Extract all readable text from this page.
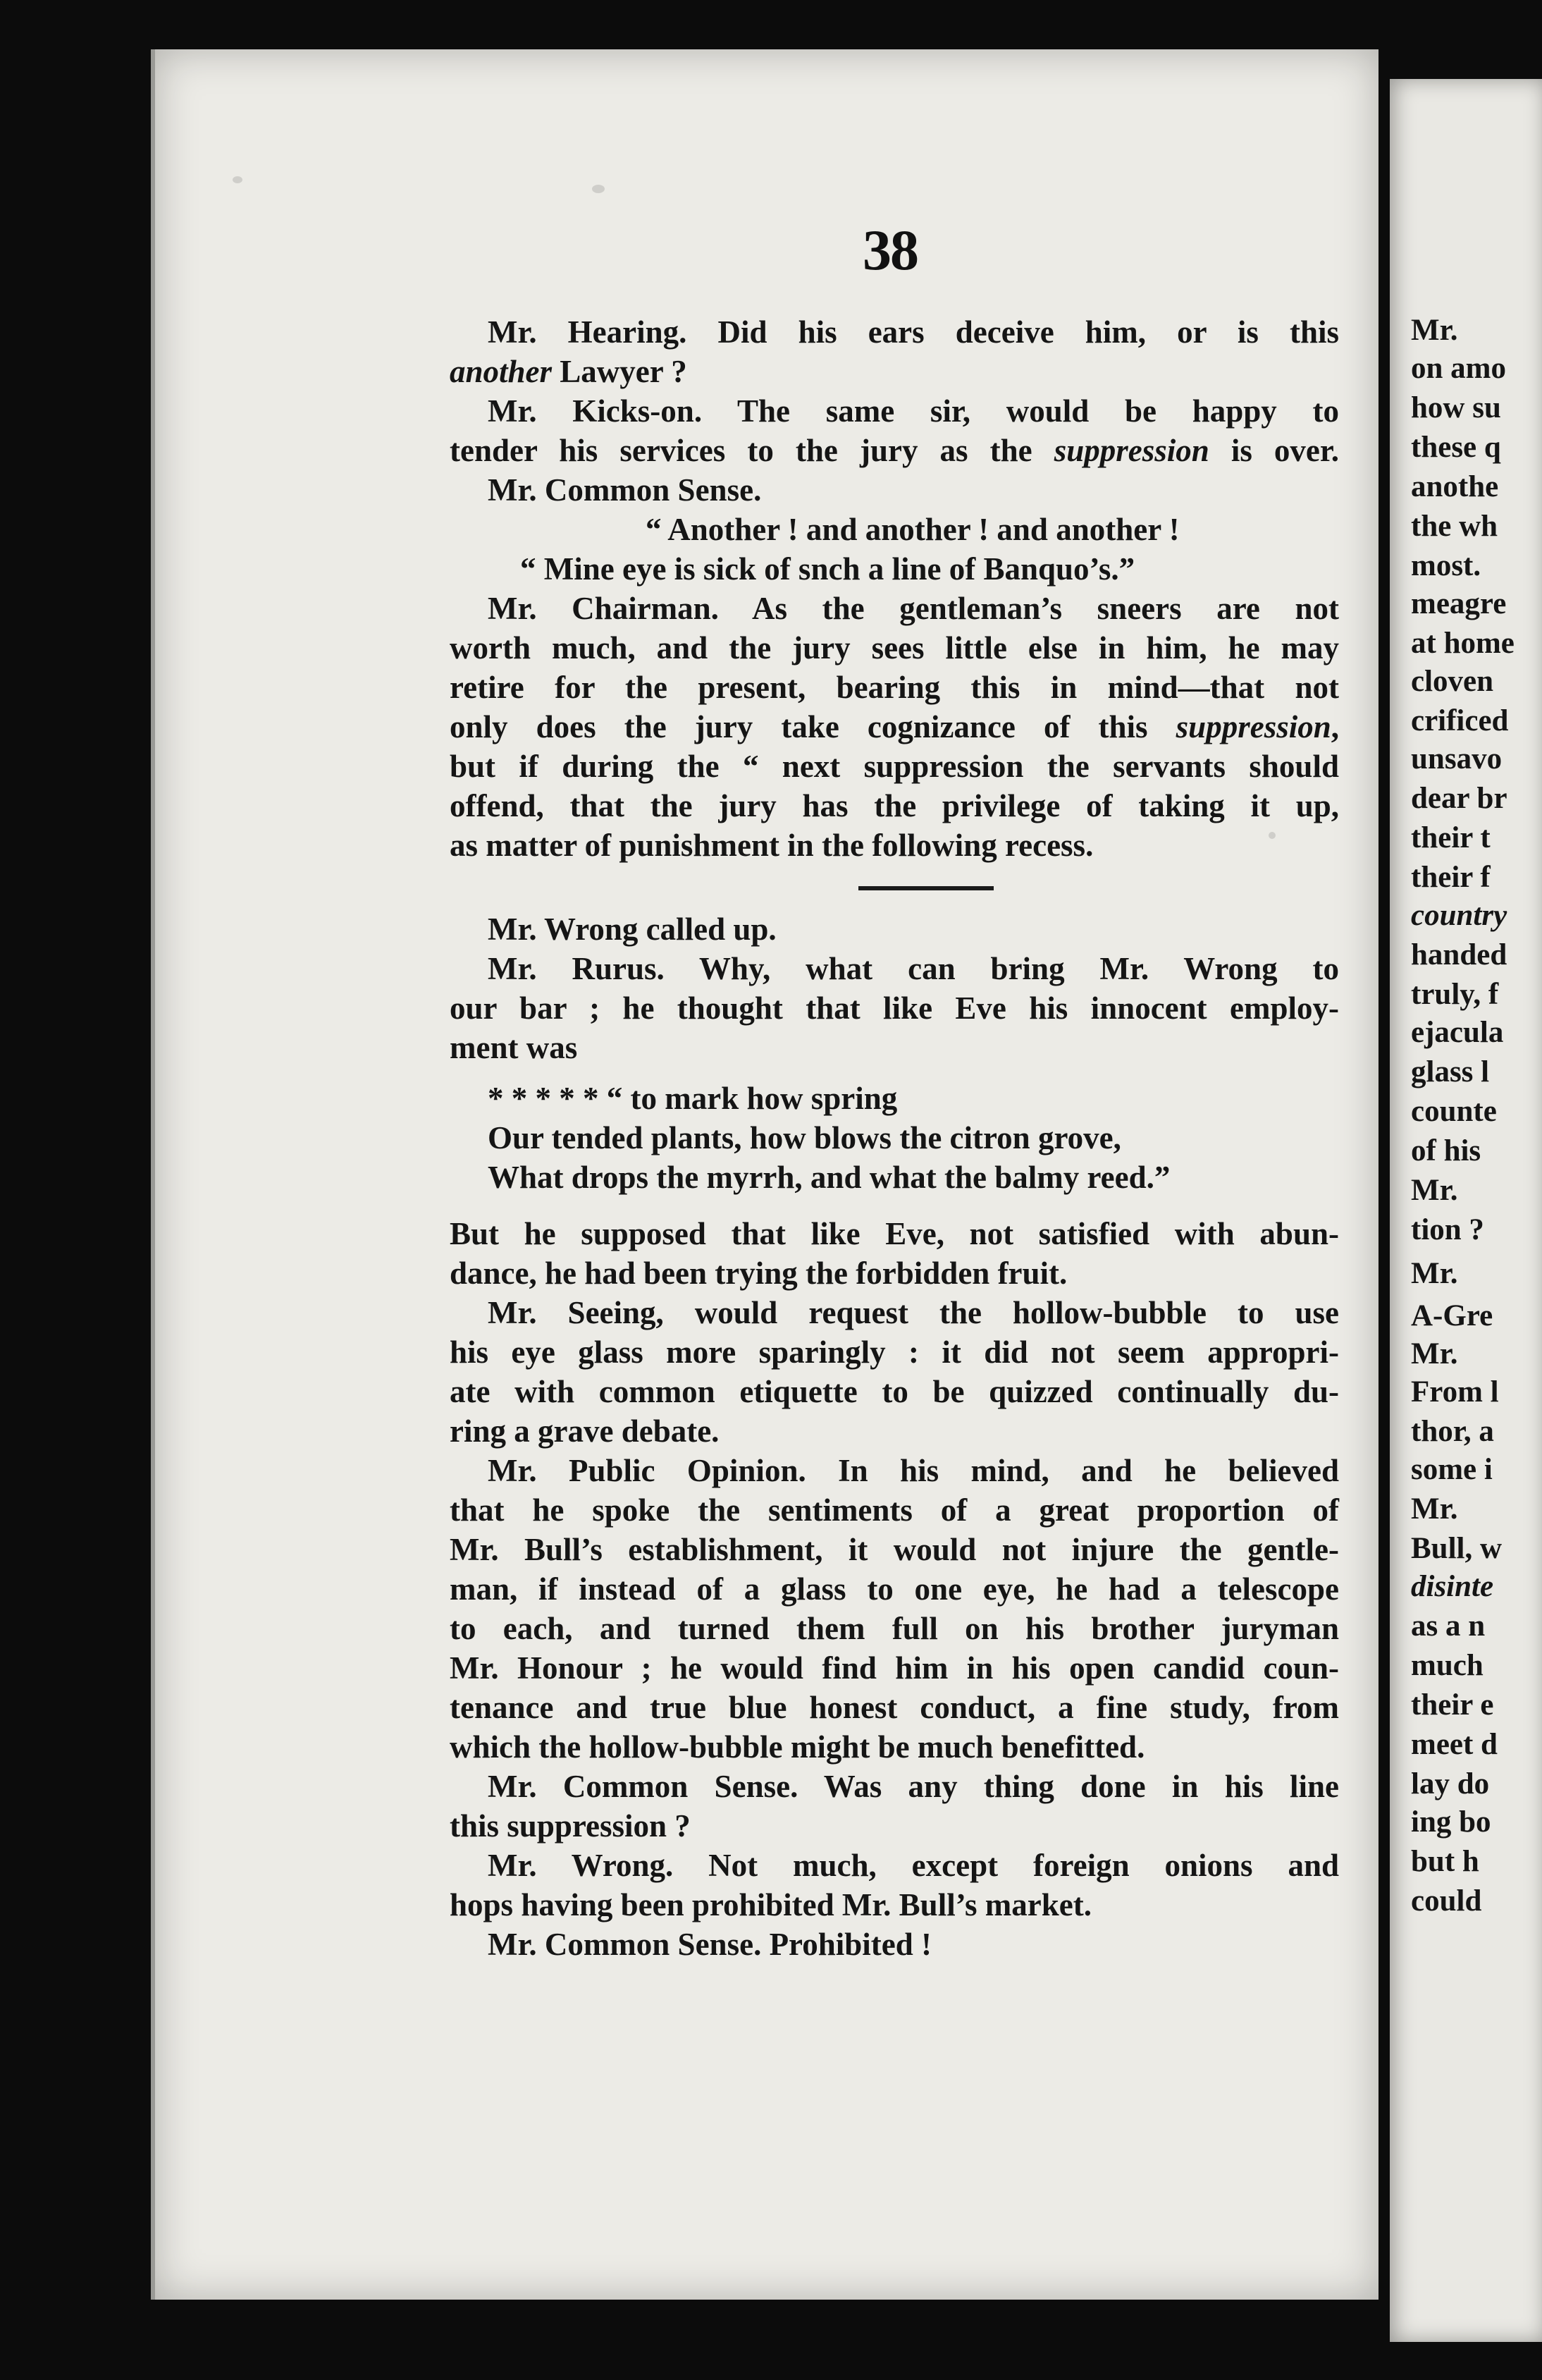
Mr.
on amo
how su
these q
anothe
the wh
most.
meagre
at home
cloven
crificed
unsavo
dear br
their t
their f
country
handed
truly, f
ejacula
glass l
counte
of his
Mr.
tion ?
Mr.
A-Gre
Mr.
From l
thor, a
some i
Mr.
Bull, w
disinte
as a n
much
their e
meet d
lay do
ing bo
but h
could
38
Mr. Hearing. Did his ears deceive him, or is this
another Lawyer ?
Mr. Kicks-on. The same sir, would be happy to
tender his services to the jury as the suppression is over.
Mr. Common Sense.
“ Another ! and another ! and another !
“ Mine eye is sick of snch a line of Banquo’s.”
Mr. Chairman. As the gentleman’s sneers are not
worth much, and the jury sees little else in him, he may
retire for the present, bearing this in mind—that not
only does the jury take cognizance of this suppression,
but if during the “ next suppression the servants should
offend, that the jury has the privilege of taking it up,
as matter of punishment in the following recess.
Mr. Wrong called up.
Mr. Rurus. Why, what can bring Mr. Wrong to
our bar ; he thought that like Eve his innocent employ-
ment was
* * * * * “ to mark how spring
Our tended plants, how blows the citron grove,
What drops the myrrh, and what the balmy reed.”
But he supposed that like Eve, not satisfied with abun-
dance, he had been trying the forbidden fruit.
Mr. Seeing, would request the hollow-bubble to use
his eye glass more sparingly : it did not seem appropri-
ate with common etiquette to be quizzed continually du-
ring a grave debate.
Mr. Public Opinion. In his mind, and he believed
that he spoke the sentiments of a great proportion of
Mr. Bull’s establishment, it would not injure the gentle-
man, if instead of a glass to one eye, he had a telescope
to each, and turned them full on his brother juryman
Mr. Honour ; he would find him in his open candid coun-
tenance and true blue honest conduct, a fine study, from
which the hollow-bubble might be much benefitted.
Mr. Common Sense. Was any thing done in his line
this suppression ?
Mr. Wrong. Not much, except foreign onions and
hops having been prohibited Mr. Bull’s market.
Mr. Common Sense. Prohibited !
